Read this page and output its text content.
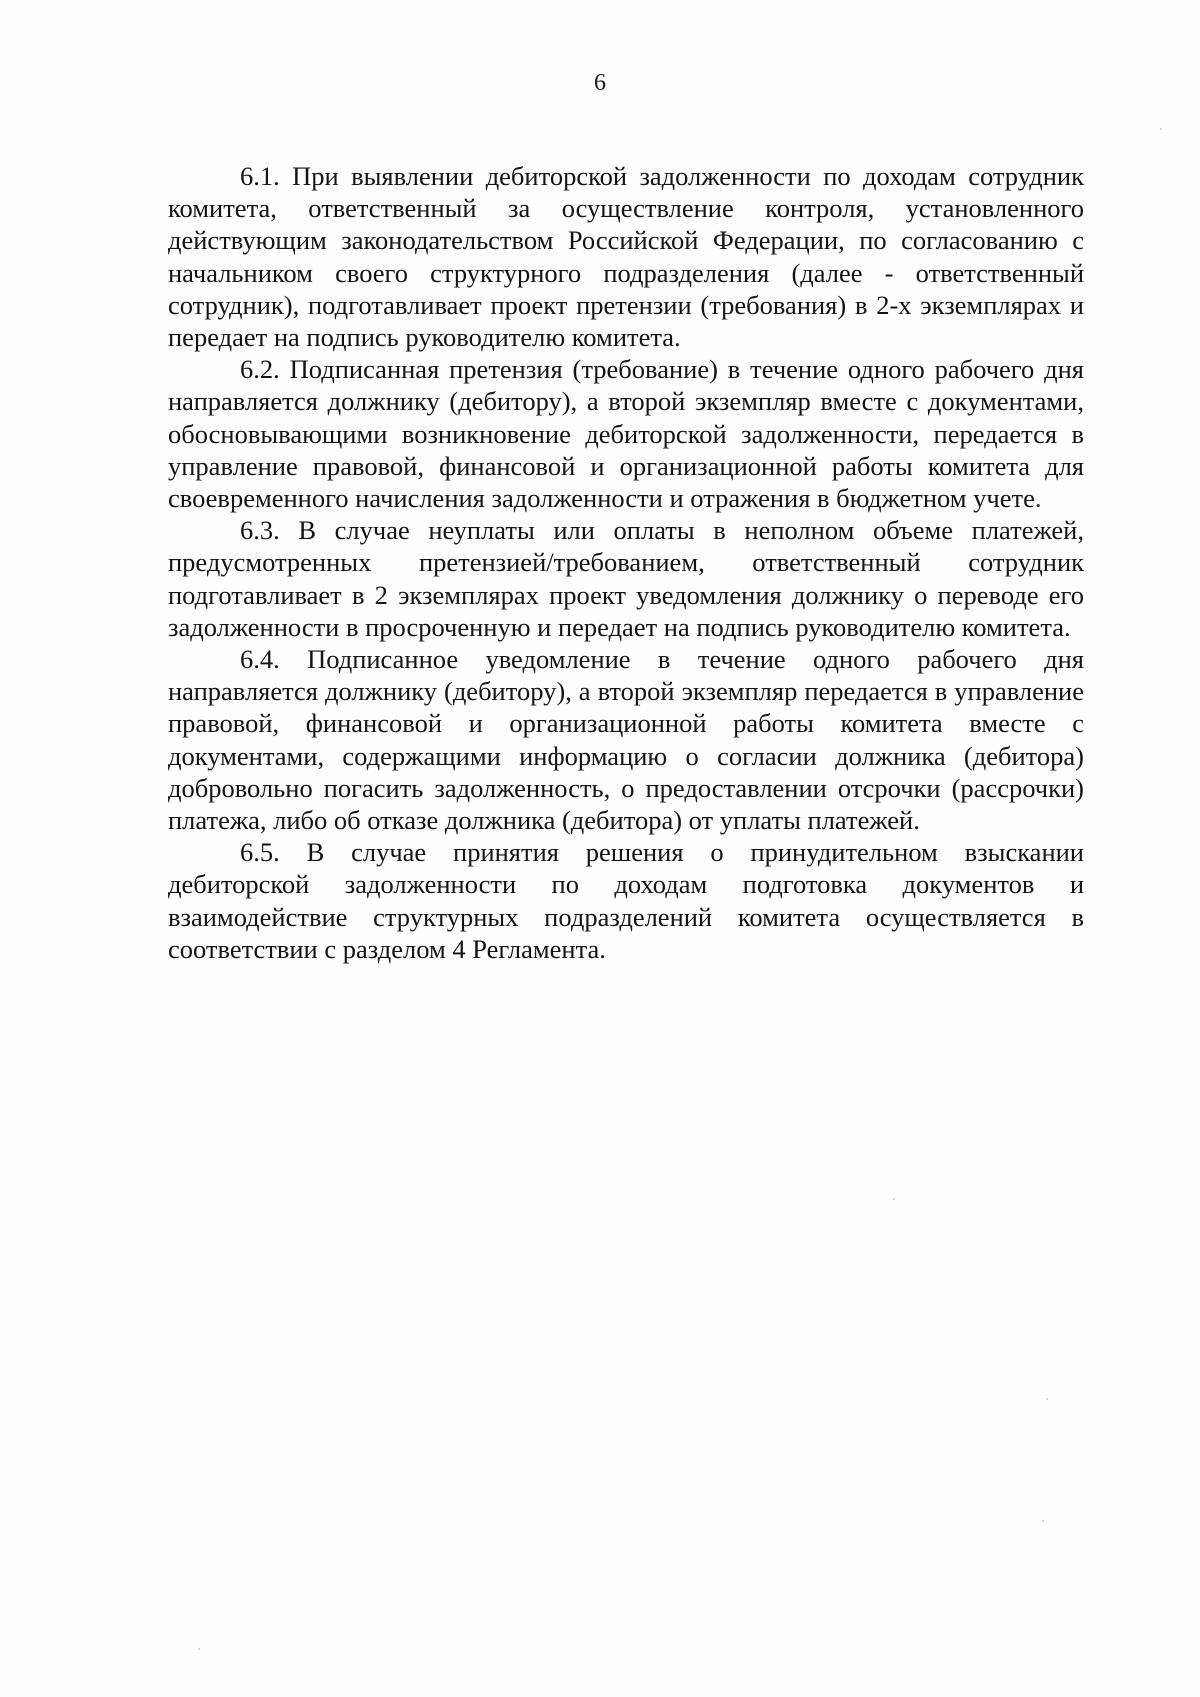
6

6.1. При выявлении дебиторской задолженности по доходам сотрудник комитета, ответственный за осуществление контроля, установленного действующим законодательством Российской Федерации, по согласованию с начальником своего структурного подразделения (далее - ответственный сотрудник), подготавливает проект претензии (требования) в 2-х экземплярах и передает на подпись руководителю комитета.

6.2. Подписанная претензия (требование) в течение одного рабочего дня направляется должнику (дебитору), а второй экземпляр вместе с документами, обосновывающими возникновение дебиторской задолженности, передается в управление правовой, финансовой и организационной работы комитета для своевременного начисления задолженности и отражения в бюджетном учете.

6.3. В случае неуплаты или оплаты в неполном объеме платежей, предусмотренных претензией/требованием, ответственный сотрудник подготавливает в 2 экземплярах проект уведомления должнику о переводе его задолженности в просроченную и передает на подпись руководителю комитета.

6.4. Подписанное уведомление в течение одного рабочего дня направляется должнику (дебитору), а второй экземпляр передается в управление правовой, финансовой и организационной работы комитета вместе с документами, содержащими информацию о согласии должника (дебитора) добровольно погасить задолженность, о предоставлении отсрочки (рассрочки) платежа, либо об отказе должника (дебитора) от уплаты платежей.

6.5. В случае принятия решения о принудительном взыскании дебиторской задолженности по доходам подготовка документов и взаимодействие структурных подразделений комитета осуществляется в соответствии с разделом 4 Регламента.
